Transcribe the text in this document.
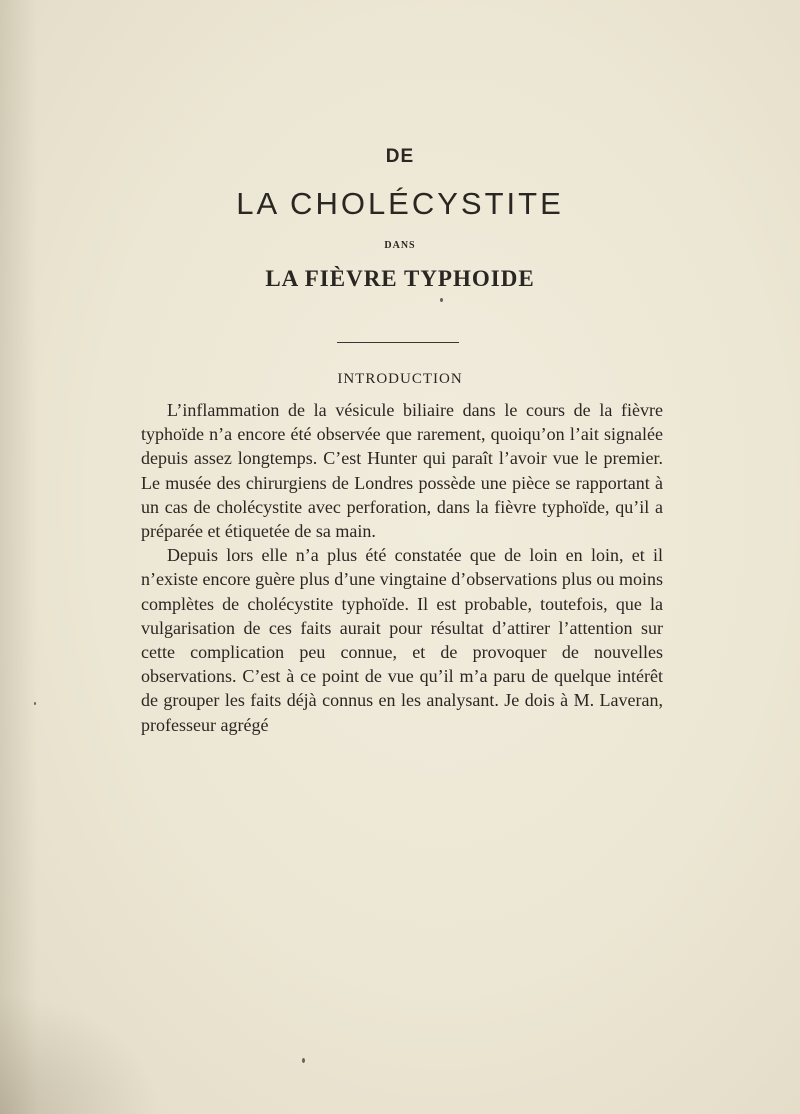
DE
LA CHOLÉCYSTITE
DANS
LA FIÈVRE TYPHOIDE
INTRODUCTION

L’inflammation de la vésicule biliaire dans le cours de la fièvre typhoïde n’a encore été observée que rarement, quoiqu’on l’ait signalée depuis assez longtemps. C’est Hunter qui paraît l’avoir vue le premier. Le musée des chirurgiens de Londres possède une pièce se rapportant à un cas de cholécystite avec perforation, dans la fièvre typhoïde, qu’il a préparée et étiquetée de sa main.

Depuis lors elle n’a plus été constatée que de loin en loin, et il n’existe encore guère plus d’une vingtaine d’observations plus ou moins complètes de cholécystite typhoïde. Il est probable, toutefois, que la vulgarisation de ces faits aurait pour résultat d’attirer l’attention sur cette complication peu connue, et de provoquer de nouvelles observations. C’est à ce point de vue qu’il m’a paru de quelque intérêt de grouper les faits déjà connus en les analysant. Je dois à M. Laveran, professeur agrégé
